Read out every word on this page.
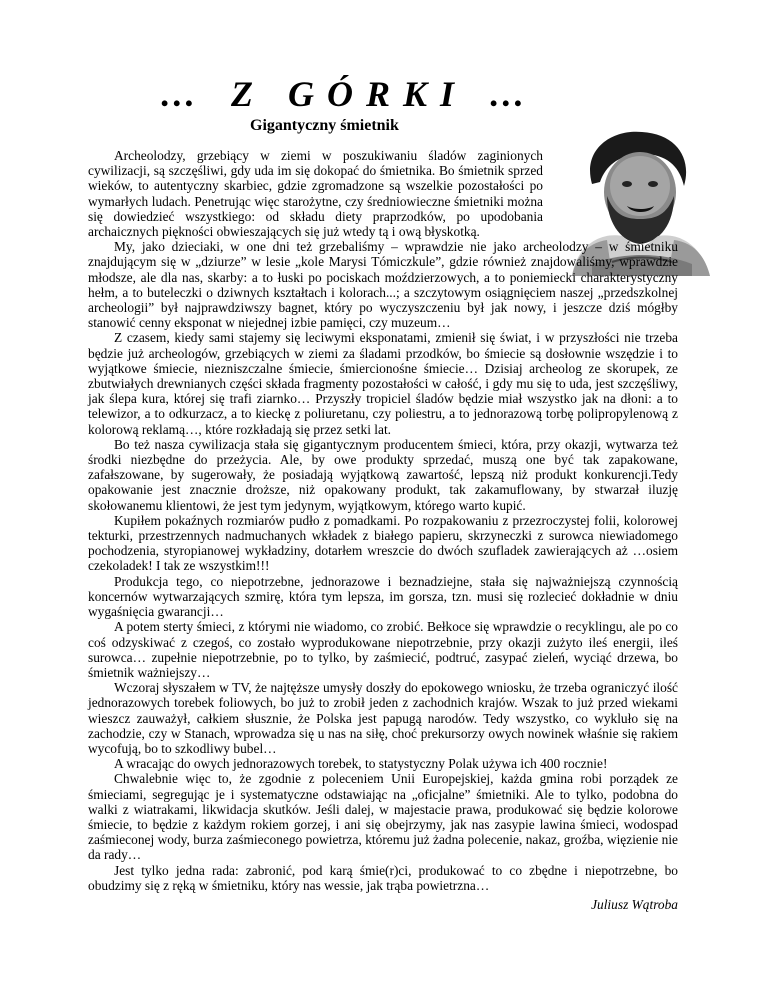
… Z GÓRKI …
Gigantyczny śmietnik

Archeolodzy, grzebiący w ziemi w poszukiwaniu śladów zaginionych cywilizacji, są szczęśliwi, gdy uda im się dokopać do śmietnika. Bo śmietnik sprzed wieków, to autentyczny skarbiec, gdzie zgromadzone są wszelkie pozostałości po wymarłych ludach. Penetrując więc starożytne, czy średniowieczne śmietniki można się dowiedzieć wszystkiego: od składu diety praprzodków, po upodobania archaicznych piękności obwieszających się już wtedy tą i ową błyskotką.

My, jako dzieciaki, w one dni też grzebaliśmy – wprawdzie nie jako archeolodzy – w śmietniku znajdującym się w „dziurze” w lesie „kole Marysi Tómiczkule”, gdzie również znajdowaliśmy, wprawdzie młodsze, ale dla nas, skarby: a to łuski po pociskach moździerzowych, a to poniemiecki charakterystyczny hełm, a to buteleczki o dziwnych kształtach i kolorach...; a szczytowym osiągnięciem naszej „przedszkolnej archeologii” był najprawdziwszy bagnet, który po wyczyszczeniu był jak nowy, i jeszcze dziś mógłby stanowić cenny eksponat w niejednej izbie pamięci, czy muzeum…

Z czasem, kiedy sami stajemy się leciwymi eksponatami, zmienił się świat, i w przyszłości nie trzeba będzie już archeologów, grzebiących w ziemi za śladami przodków, bo śmiecie są dosłownie wszędzie i to wyjątkowe śmiecie, niezniszczalne śmiecie, śmiercionośne śmiecie… Dzisiaj archeolog ze skorupek, ze zbutwiałych drewnianych części składa fragmenty pozostałości w całość, i gdy mu się to uda, jest szczęśliwy, jak ślepa kura, której się trafi ziarnko… Przyszły tropiciel śladów będzie miał wszystko jak na dłoni: a to telewizor, a to odkurzacz, a to kieckę z poliuretanu, czy poliestru, a to jednorazową torbę polipropylenową z kolorową reklamą…, które rozkładają się przez setki lat.

Bo też nasza cywilizacja stała się gigantycznym producentem śmieci, która, przy okazji, wytwarza też środki niezbędne do przeżycia. Ale, by owe produkty sprzedać, muszą one być tak zapakowane, zafałszowane, by sugerowały, że posiadają wyjątkową zawartość, lepszą niż produkt konkurencji.Tedy opakowanie jest znacznie droższe, niż opakowany produkt, tak zakamuflowany, by stwarzał iluzję skołowanemu klientowi, że jest tym jedynym, wyjątkowym, którego warto kupić.

Kupiłem pokaźnych rozmiarów pudło z pomadkami. Po rozpakowaniu z przezroczystej folii, kolorowej tekturki, przestrzennych nadmuchanych wkładek z białego papieru, skrzyneczki z surowca niewiadomego pochodzenia, styropianowej wykładziny, dotarłem wreszcie do dwóch szufladek zawierających aż …osiem czekoladek! I tak ze wszystkim!!!

Produkcja tego, co niepotrzebne, jednorazowe i beznadziejne, stała się najważniejszą czynnością koncernów wytwarzających szmirę, która tym lepsza, im gorsza, tzn. musi się rozlecieć dokładnie w dniu wygaśnięcia gwarancji…

A potem sterty śmieci, z którymi nie wiadomo, co zrobić. Bełkoce się wprawdzie o recyklingu, ale po co coś odzyskiwać z czegoś, co zostało wyprodukowane niepotrzebnie, przy okazji zużyto ileś energii, ileś surowca… zupełnie niepotrzebnie, po to tylko, by zaśmiecić, podtruć, zasypać zieleń, wyciąć drzewa, bo śmietnik ważniejszy…

Wczoraj słyszałem w TV, że najtęższe umysły doszły do epokowego wniosku, że trzeba ograniczyć ilość jednorazowych torebek foliowych, bo już to zrobił jeden z zachodnich krajów. Wszak to już przed wiekami wieszcz zauważył, całkiem słusznie, że Polska jest papugą narodów. Tedy wszystko, co wykluło się na zachodzie, czy w Stanach, wprowadza się u nas na siłę, choć prekursorzy owych nowinek właśnie się rakiem wycofują, bo to szkodliwy bubel…

A wracając do owych jednorazowych torebek, to statystyczny Polak używa ich 400 rocznie!

Chwalebnie więc to, że zgodnie z poleceniem Unii Europejskiej, każda gmina robi porządek ze śmieciami, segregując je i systematyczne odstawiając na „oficjalne” śmietniki. Ale to tylko, podobna do walki z wiatrakami, likwidacja skutków. Jeśli dalej, w majestacie prawa, produkować się będzie kolorowe śmiecie, to będzie z każdym rokiem gorzej, i ani się obejrzymy, jak nas zasypie lawina śmieci, wodospad zaśmieconej wody, burza zaśmieconego powietrza, któremu już żadna polecenie, nakaz, groźba, więzienie nie da rady…

Jest tylko jedna rada: zabronić, pod karą śmie(r)ci, produkować to co zbędne i niepotrzebne, bo obudzimy się z ręką w śmietniku, który nas wessie, jak trąba powietrzna…

Juliusz Wątroba
